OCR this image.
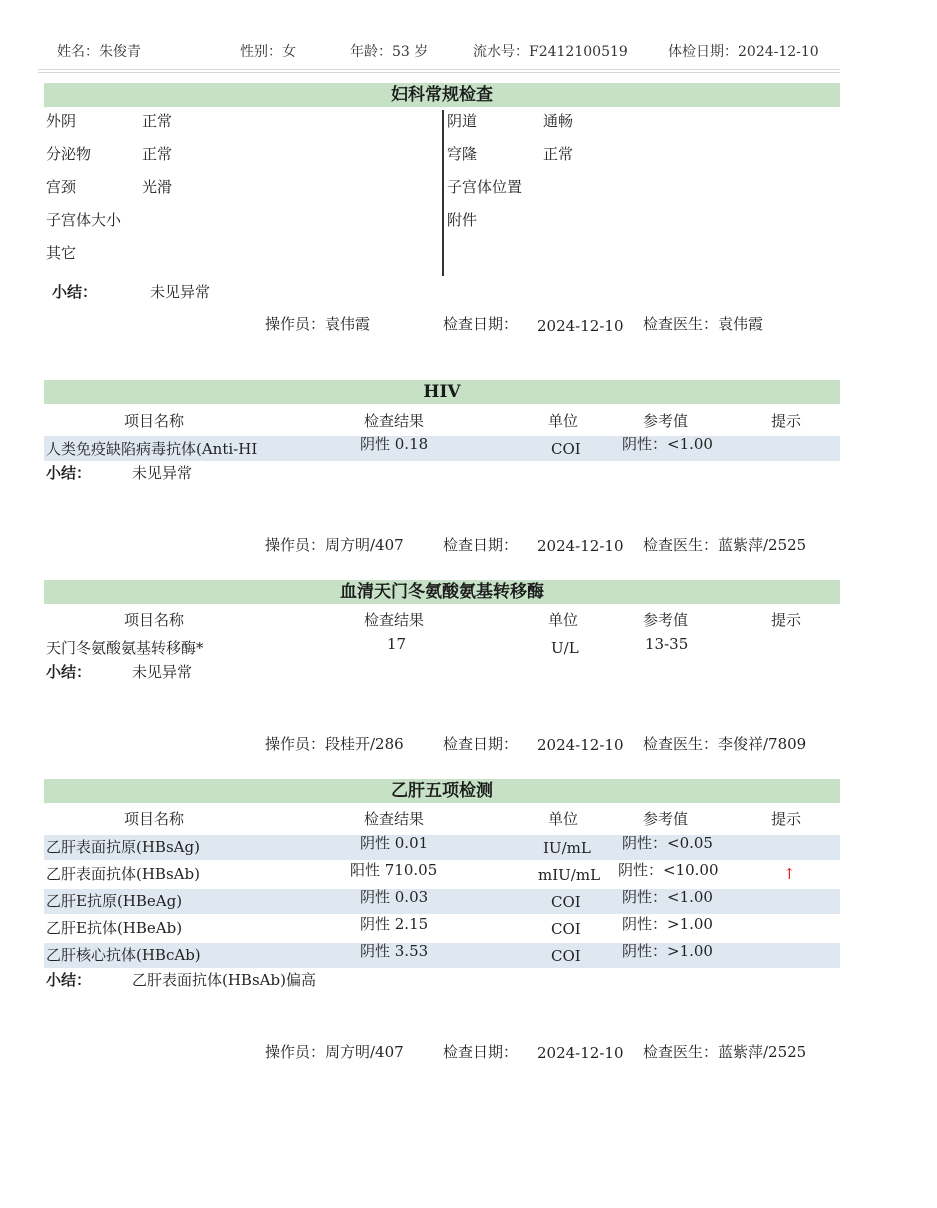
姓名：朱俊青	性别：女	年龄：53 岁	流水号：F2412100519	体检日期：2024-12-10
妇科常规检查
外阴	正常
分泌物	正常
宫颈	光滑
子宫体大小
其它
阴道	通畅
穹隆	正常
子宫体位置
附件
小结：	未见异常
操作员：袁伟霞	检查日期： 2024-12-10 检查医生：袁伟霞
HIV
项目名称	检查结果	单位	参考值	提示
人类免疫缺陷病毒抗体(Anti-HI	阴性 0.18	COI	阴性：<1.00
小结：	未见异常
操作员：周方明/407	检查日期： 2024-12-10 检查医生：蓝紫萍/2525
血清天门冬氨酸氨基转移酶
项目名称	检查结果	单位	参考值	提示
天门冬氨酸氨基转移酶*	17	U/L	13-35
小结：	未见异常
操作员：段桂开/286	检查日期： 2024-12-10 检查医生：李俊祥/7809
乙肝五项检测
项目名称	检查结果	单位	参考值	提示
乙肝表面抗原(HBsAg)	阴性 0.01	IU/mL 阴性：<0.05
乙肝表面抗体(HBsAb)	阳性 710.05	mIU/mL 阴性：<10.00	↑
乙肝E抗原(HBeAg)	阴性 0.03	COI	阴性：<1.00
乙肝E抗体(HBeAb)	阴性 2.15	COI	阴性：>1.00
乙肝核心抗体(HBcAb)	阴性 3.53	COI	阴性：>1.00
小结：	乙肝表面抗体(HBsAb)偏高
操作员：周方明/407	检查日期： 2024-12-10 检查医生：蓝紫萍/2525
